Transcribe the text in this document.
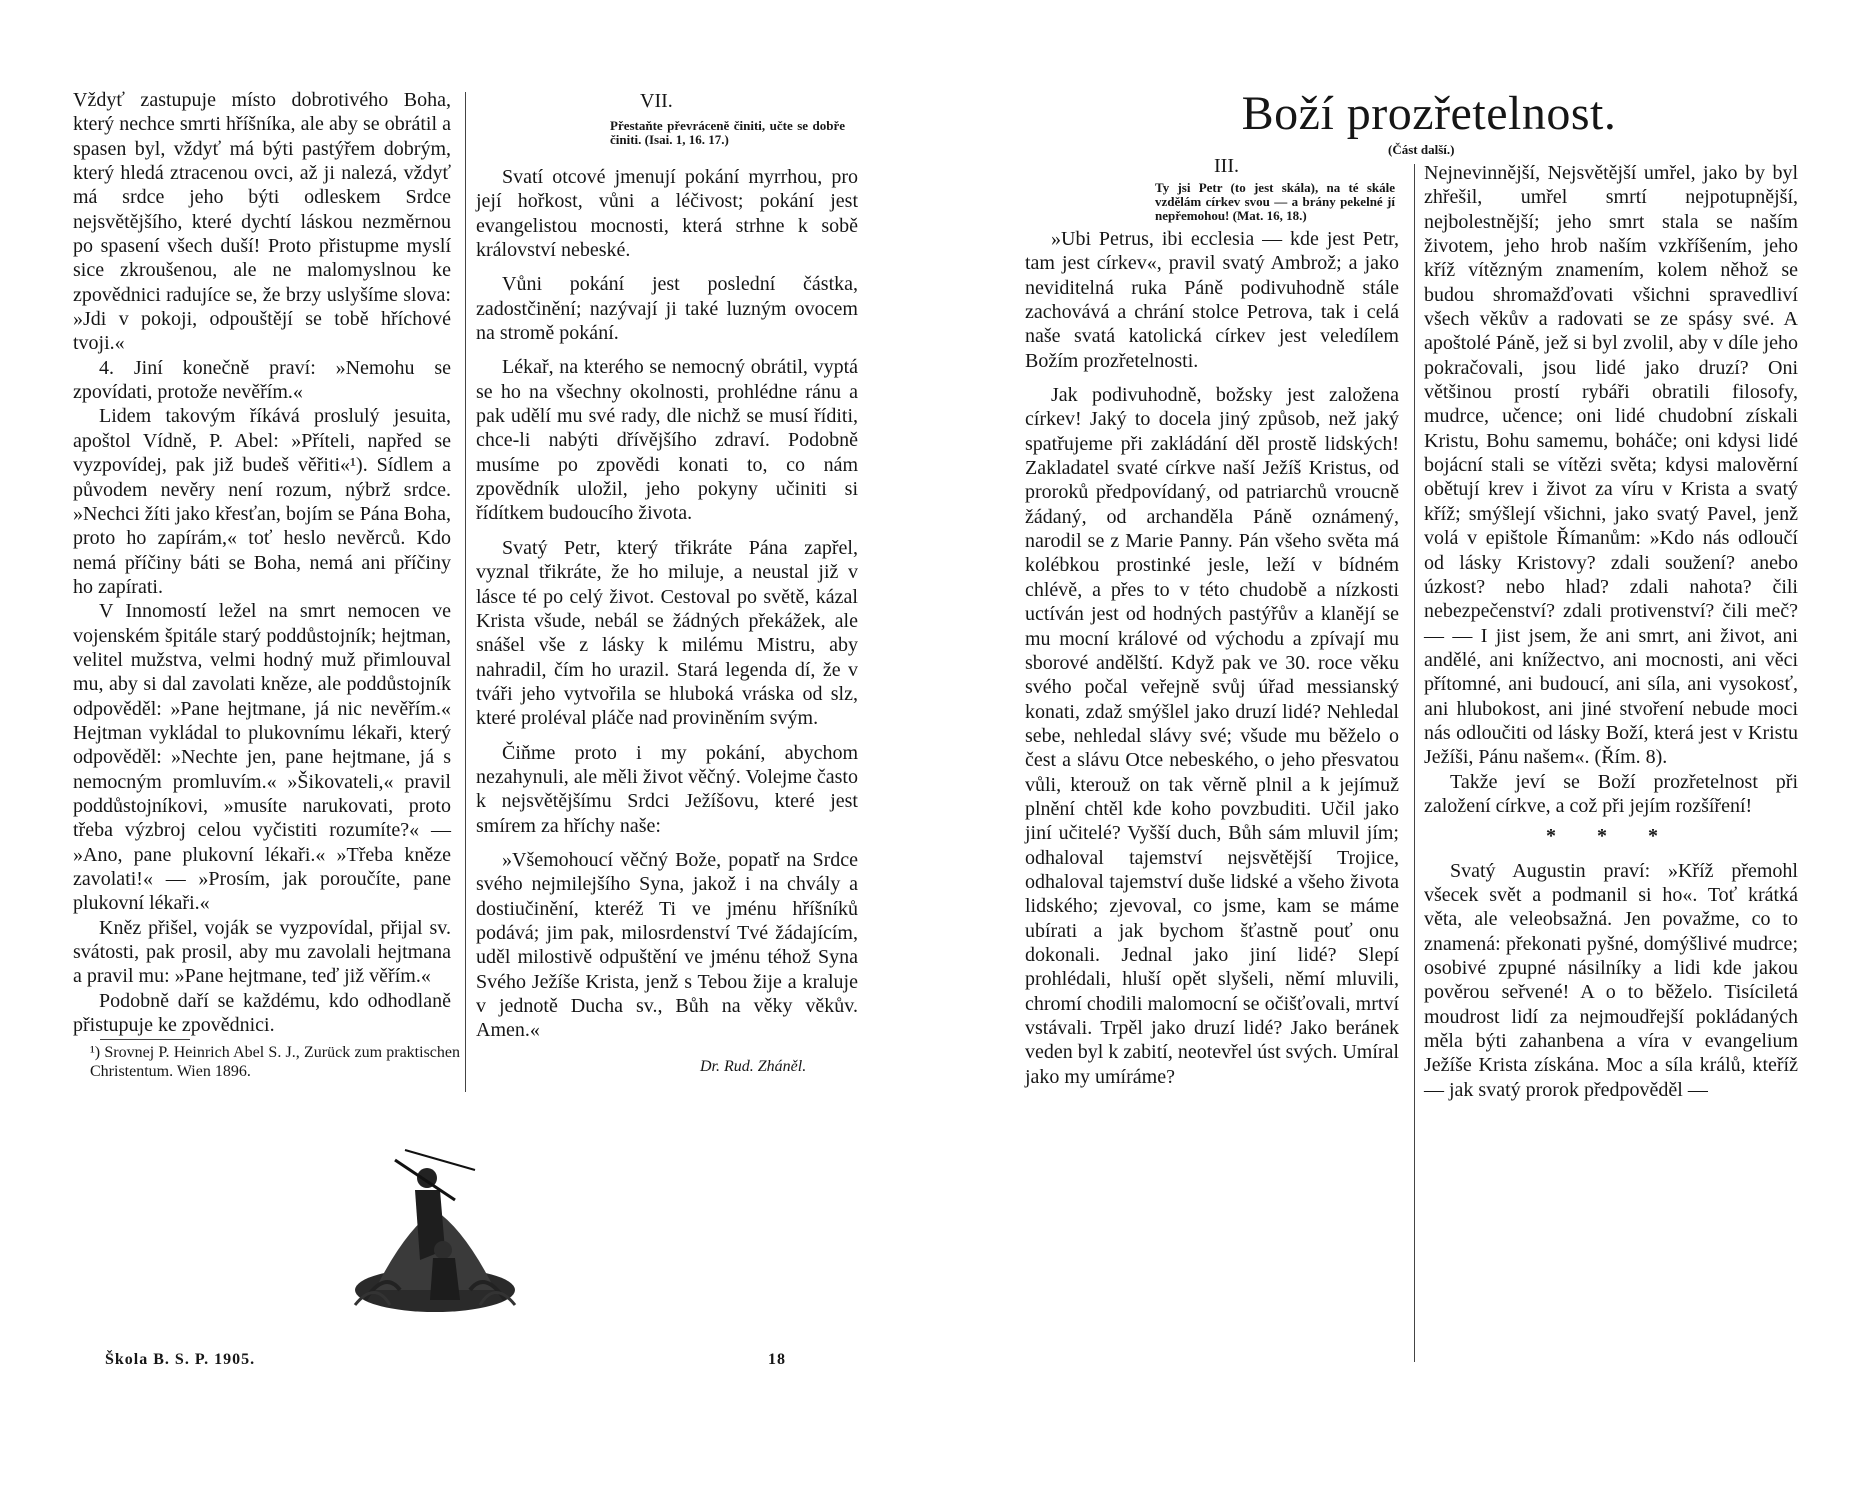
Vždyť zastupuje místo dobrotivého Boha, který nechce smrti hříšníka, ale aby se obrátil a spasen byl, vždyť má býti pastýřem dobrým, který hledá ztracenou ovci, až ji nalezá, vždyť má srdce jeho býti odleskem Srdce nejsvětějšího, které dychtí láskou nezměrnou po spasení všech duší! Proto přistupme myslí sice zkroušenou, ale ne malomyslnou ke zpovědnici radujíce se, že brzy uslyšíme slova: »Jdi v pokoji, odpouštějí se tobě hříchové tvoji.«

4. Jiní konečně praví: »Nemohu se zpovídati, protože nevěřím.«

Lidem takovým říkává proslulý jesuita, apoštol Vídně, P. Abel: »Příteli, napřed se vyzpovídej, pak již budeš věřiti«¹). Sídlem a původem nevěry není rozum, nýbrž srdce. »Nechci žíti jako křesťan, bojím se Pána Boha, proto ho zapírám,« toť heslo nevěrců. Kdo nemá příčiny báti se Boha, nemá ani příčiny ho zapírati.

V Innomostí ležel na smrt nemocen ve vojenském špitále starý poddůstojník; hejtman, velitel mužstva, velmi hodný muž přimlouval mu, aby si dal zavolati kněze, ale poddůstojník odpověděl: »Pane hejtmane, já nic nevěřím.« Hejtman vykládal to plukovnímu lékaři, který odpověděl: »Nechte jen, pane hejtmane, já s nemocným promluvím.« »Šikovateli,« pravil poddůstojníkovi, »musíte narukovati, proto třeba výzbroj celou vyčistiti rozumíte?« — »Ano, pane plukovní lékaři.« »Třeba kněze zavolati!« — »Prosím, jak poroučíte, pane plukovní lékaři.«

Kněz přišel, voják se vyzpovídal, přijal sv. svátosti, pak prosil, aby mu zavolali hejtmana a pravil mu: »Pane hejtmane, teď již věřím.«

Podobně daří se každému, kdo odhodlaně přistupuje ke zpovědnici.

¹) Srovnej P. Heinrich Abel S. J., Zurück zum praktischen Christentum. Wien 1896.
VII.
Přestaňte převráceně činiti, učte se dobře činiti. (Isai. 1, 16. 17.)

Svatí otcové jmenují pokání myrrhou, pro její hořkost, vůni a léčivost; pokání jest evangelistou mocnosti, která strhne k sobě království nebeské.

Vůni pokání jest poslední částka, zadostčinění; nazývají ji také luzným ovocem na stromě pokání.

Lékař, na kterého se nemocný obrátil, vyptá se ho na všechny okolnosti, prohlédne ránu a pak udělí mu své rady, dle nichž se musí říditi, chce-li nabýti dřívějšího zdraví. Podobně musíme po zpovědi konati to, co nám zpovědník uložil, jeho pokyny učiniti si řídítkem budoucího života.

Svatý Petr, který třikráte Pána zapřel, vyznal třikráte, že ho miluje, a neustal již v lásce té po celý život. Cestoval po světě, kázal Krista všude, nebál se žádných překážek, ale snášel vše z lásky k milému Mistru, aby nahradil, čím ho urazil. Stará legenda dí, že v tváři jeho vytvořila se hluboká vráska od slz, které proléval pláče nad proviněním svým.

Čiňme proto i my pokání, abychom nezahynuli, ale měli život věčný. Volejme často k nejsvětějšímu Srdci Ježíšovu, které jest smírem za hříchy naše:

»Všemohoucí věčný Bože, popatř na Srdce svého nejmilejšího Syna, jakož i na chvály a dostiučinění, kteréž Ti ve jménu hříšníků podává; jim pak, milosrdenství Tvé žádajícím, uděl milostivě odpuštění ve jménu téhož Syna Svého Ježíše Krista, jenž s Tebou žije a kraluje v jednotě Ducha sv., Bůh na věky věkův. Amen.«

Dr. Rud. Zháněl.
Škola B. S. P. 1905.	18
Boží prozřetelnost.
(Část další.)
III.
Ty jsi Petr (to jest skála), na té skále vzdělám církev svou — a brány pekelné jí nepřemohou! (Mat. 16, 18.)

»Ubi Petrus, ibi ecclesia — kde jest Petr, tam jest církev«, pravil svatý Ambrož; a jako neviditelná ruka Páně podivuhodně stále zachovává a chrání stolce Petrova, tak i celá naše svatá katolická církev jest veledílem Božím prozřetelnosti.

Jak podivuhodně, božsky jest založena církev! Jaký to docela jiný způsob, než jaký spatřujeme při zakládání děl prostě lidských! Zakladatel svaté církve naší Ježíš Kristus, od proroků předpovídaný, od patriarchů vroucně žádaný, od archanděla Páně oznámený, narodil se z Marie Panny. Pán všeho světa má kolébkou prostinké jesle, leží v bídném chlévě, a přes to v této chudobě a nízkosti uctíván jest od hodných pastýřův a klanějí se mu mocní králové od východu a zpívají mu sborové andělští. Když pak ve 30. roce věku svého počal veřejně svůj úřad messianský konati, zdaž smýšlel jako druzí lidé? Nehledal sebe, nehledal slávy své; všude mu běželo o čest a slávu Otce nebeského, o jeho přesvatou vůli, kterouž on tak věrně plnil a k jejímuž plnění chtěl kde koho povzbuditi. Učil jako jiní učitelé? Vyšší duch, Bůh sám mluvil jím; odhaloval tajemství nejsvětější Trojice, odhaloval tajemství duše lidské a všeho života lidského; zjevoval, co jsme, kam se máme ubírati a jak bychom šťastně pouť onu dokonali. Jednal jako jiní lidé? Slepí prohlédali, hluší opět slyšeli, němí mluvili, chromí chodili malomocní se očišťovali, mrtví vstávali. Trpěl jako druzí lidé? Jako beránek veden byl k zabití, neotevřel úst svých. Umíral jako my umíráme?

Nejnevinnější, Nejsvětější umřel, jako by byl zhřešil, umřel smrtí nejpotupnější, nejbolestnější; jeho smrt stala se naším životem, jeho hrob naším vzkříšením, jeho kříž vítězným znamením, kolem něhož se budou shromažďovati všichni spravedliví všech věkův a radovati se ze spásy své. A apoštolé Páně, jež si byl zvolil, aby v díle jeho pokračovali, jsou lidé jako druzí? Oni většinou prostí rybáři obratili filosofy, mudrce, učence; oni lidé chudobní získali Kristu, Bohu samemu, boháče; oni kdysi lidé bojácní stali se vítězi světa; kdysi malověrní obětují krev i život za víru v Krista a svatý kříž; smýšlejí všichni, jako svatý Pavel, jenž volá v epištole Římanům: »Kdo nás odloučí od lásky Kristovy? zdali soužení? anebo úzkost? nebo hlad? zdali nahota? čili nebezpečenství? zdali protivenství? čili meč? — — I jist jsem, že ani smrt, ani život, ani andělé, ani knížectvo, ani mocnosti, ani věci přítomné, ani budoucí, ani síla, ani vysokosť, ani hlubokost, ani jiné stvoření nebude moci nás odloučiti od lásky Boží, která jest v Kristu Ježíši, Pánu našem«. (Řím. 8).

Takže jeví se Boží prozřetelnost při založení církve, a což při jejím rozšíření!

* * *

Svatý Augustin praví: »Kříž přemohl všecek svět a podmanil si ho«. Toť krátká věta, ale veleobsažná. Jen považme, co to znamená: překonati pyšné, domýšlivé mudrce; osobivé zpupné násilníky a lidi kde jakou pověrou seřvené! A o to běželo. Tisíciletá moudrost lidí za nejmoudřejší pokládaných měla býti zahanbena a víra v evangelium Ježíše Krista získána. Moc a síla králů, kteříž — jak svatý prorok předpověděl —
